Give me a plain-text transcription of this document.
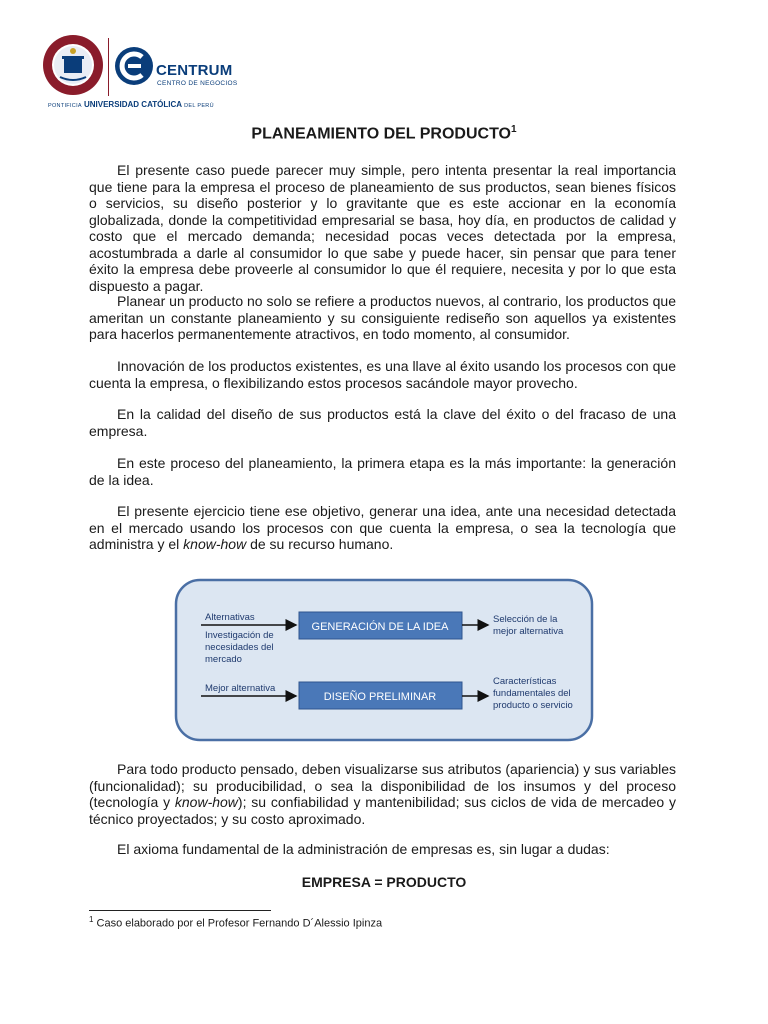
CENTRUM
CENTRO DE NEGOCIOS
PONTIFICIA UNIVERSIDAD CATÓLICA DEL PERÚ
PLANEAMIENTO DEL PRODUCTO$^1$

El presente caso puede parecer muy simple, pero intenta presentar la real importancia que tiene para la empresa el proceso de planeamiento de sus productos, sean bienes físicos o servicios, su diseño posterior y lo gravitante que es este accionar en la economía globalizada, donde la competitividad empresarial se basa, hoy día, en productos de calidad y costo que el mercado demanda; necesidad pocas veces detectada por la empresa, acostumbrada a darle al consumidor lo que sabe y puede hacer, sin pensar que para tener éxito la empresa debe proveerle al consumidor lo que él requiere, necesita y por lo que esta dispuesto a pagar.

Planear un producto no solo se refiere a productos nuevos, al contrario, los productos que ameritan un constante planeamiento y su consiguiente rediseño son aquellos ya existentes para hacerlos permanentemente atractivos, en todo momento, al consumidor.

Innovación de los productos existentes, es una llave al éxito usando los procesos con que cuenta la empresa, o flexibilizando estos procesos sacándole mayor provecho.

En la calidad del diseño de sus productos está la clave del éxito o del fracaso de una empresa.

En este proceso del planeamiento, la primera etapa es la más importante: la generación de la idea.

El presente ejercicio tiene ese objetivo, generar una idea, ante una necesidad detectada en el mercado usando los procesos con que cuenta la empresa, o sea la tecnología que administra y el know-how de su recurso humano.

Para todo producto pensado, deben visualizarse sus atributos (apariencia) y sus variables (funcionalidad); su producibilidad, o sea la disponibilidad de los insumos y del proceso (tecnología y know-how); su confiabilidad y mantenibilidad; sus ciclos de vida de mercadeo y técnico proyectados; y su costo aproximado.

El axioma fundamental de la administración de empresas es, sin lugar a dudas:

Alternativas
Investigación de
necesidades del
mercado
GENERACIÓN DE LA IDEA
Selección de la
mejor alternativa
Mejor alternativa
DISEÑO PRELIMINAR
Características
fundamentales del
producto o servicio
EMPRESA = PRODUCTO
$^1$ Caso elaborado por el Profesor Fernando D´Alessio Ipinza
